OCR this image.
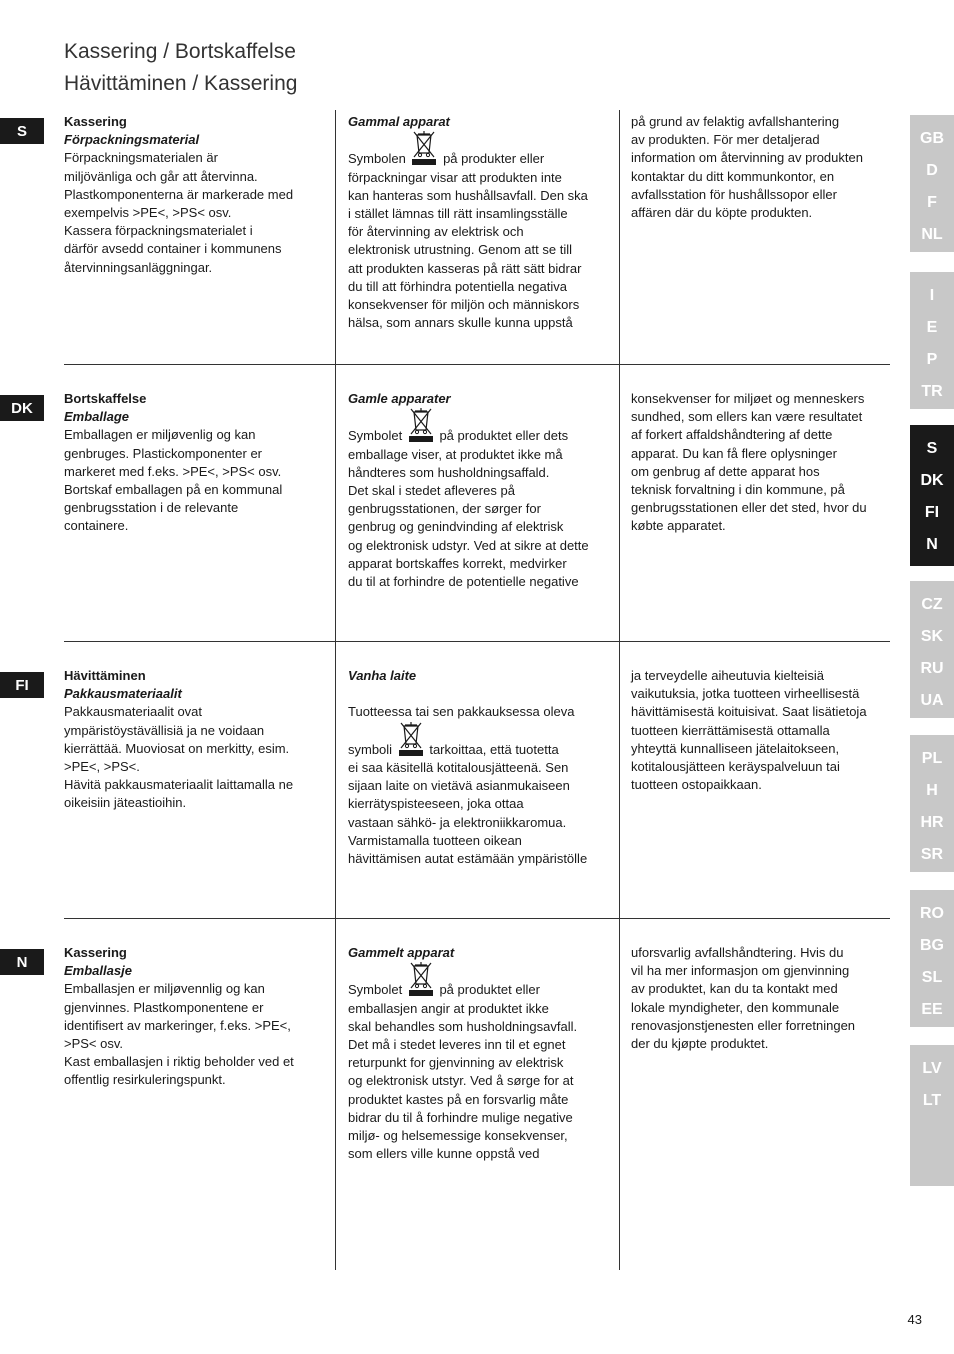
Kassering / Bortskaffelse
Hävittäminen / Kassering
S

Kassering

Förpackningsmaterial

Förpackningsmaterialen är

miljövänliga och går att återvinna.

Plastkomponenterna är markerade med

exempelvis >PE<, >PS< osv.

Kassera förpackningsmaterialet i

därför avsedd container i kommunens

återvinningsanläggningar.

Gammal apparat

Symbolen	på produkter eller

förpackningar visar att produkten inte

kan hanteras som hushållsavfall. Den ska

i stället lämnas till rätt insamlingsställe

för återvinning av elektrisk och

elektronisk utrustning. Genom att se till

att produkten kasseras på rätt sätt bidrar

du till att förhindra potentiella negativa

konsekvenser för miljön och människors

hälsa, som annars skulle kunna uppstå

på grund av felaktig avfallshantering

av produkten. För mer detaljerad

information om återvinning av produkten

kontaktar du ditt kommunkontor, en

avfallsstation för hushållssopor eller

affären där du köpte produkten.

DK

Bortskaffelse

Emballage

Emballagen er miljøvenlig og kan

genbruges. Plastickomponenter er

markeret med f.eks. >PE<, >PS< osv.

Bortskaf emballagen på en kommunal

genbrugsstation i de relevante

containere.

Gamle apparater

Symbolet	på produktet eller dets

emballage viser, at produktet ikke må

håndteres som husholdningsaffald.

Det skal i stedet afleveres på

genbrugsstationen, der sørger for

genbrug og genindvinding af elektrisk

og elektronisk udstyr. Ved at sikre at dette

apparat bortskaffes korrekt, medvirker

du til at forhindre de potentielle negative

konsekvenser for miljøet og menneskers

sundhed, som ellers kan være resultatet

af forkert affaldshåndtering af dette

apparat. Du kan få flere oplysninger

om genbrug af dette apparat hos

teknisk forvaltning i din kommune, på

genbrugsstationen eller det sted, hvor du

købte apparatet.

FI

Hävittäminen

Pakkausmateriaalit

Pakkausmateriaalit ovat

ympäristöystävällisiä ja ne voidaan

kierrättää. Muoviosat on merkitty, esim.

>PE<, >PS<.

Hävitä pakkausmateriaalit laittamalla ne

oikeisiin jäteastioihin.

Vanha laite

Tuotteessa tai sen pakkauksessa oleva

symboli	tarkoittaa, että tuotetta

ei saa käsitellä kotitalousjätteenä. Sen

sijaan laite on vietävä asianmukaiseen

kierrätyspisteeseen, joka ottaa

vastaan sähkö- ja elektroniikkaromua.

Varmistamalla tuotteen oikean

hävittämisen autat estämään ympäristölle

ja terveydelle aiheutuvia kielteisiä

vaikutuksia, jotka tuotteen virheellisestä

hävittämisestä koituisivat. Saat lisätietoja

tuotteen kierrättämisestä ottamalla

yhteyttä kunnalliseen jätelaitokseen,

kotitalousjätteen keräyspalveluun tai

tuotteen ostopaikkaan.

N

Kassering

Emballasje

Emballasjen er miljøvennlig og kan

gjenvinnes. Plastkomponentene er

identifisert av markeringer, f.eks. >PE<,

>PS< osv.

Kast emballasjen i riktig beholder ved et

offentlig resirkuleringspunkt.

Gammelt apparat

Symbolet	på produktet eller

emballasjen angir at produktet ikke

skal behandles som husholdningsavfall.

Det må i stedet leveres inn til et egnet

returpunkt for gjenvinning av elektrisk

og elektronisk utstyr. Ved å sørge for at

produktet kastes på en forsvarlig måte

bidrar du til å forhindre mulige negative

miljø- og helsemessige konsekvenser,

som ellers ville kunne oppstå ved

uforsvarlig avfallshåndtering. Hvis du

vil ha mer informasjon om gjenvinning

av produktet, kan du ta kontakt med

lokale myndigheter, den kommunale

renovasjonstjenesten eller forretningen

der du kjøpte produktet.

GB
D
F
NL
I
E
P
TR
S
DK
FI
N
CZ
SK
RU
UA
PL
H
HR
SR
RO
BG
SL
EE
LV
LT
43
